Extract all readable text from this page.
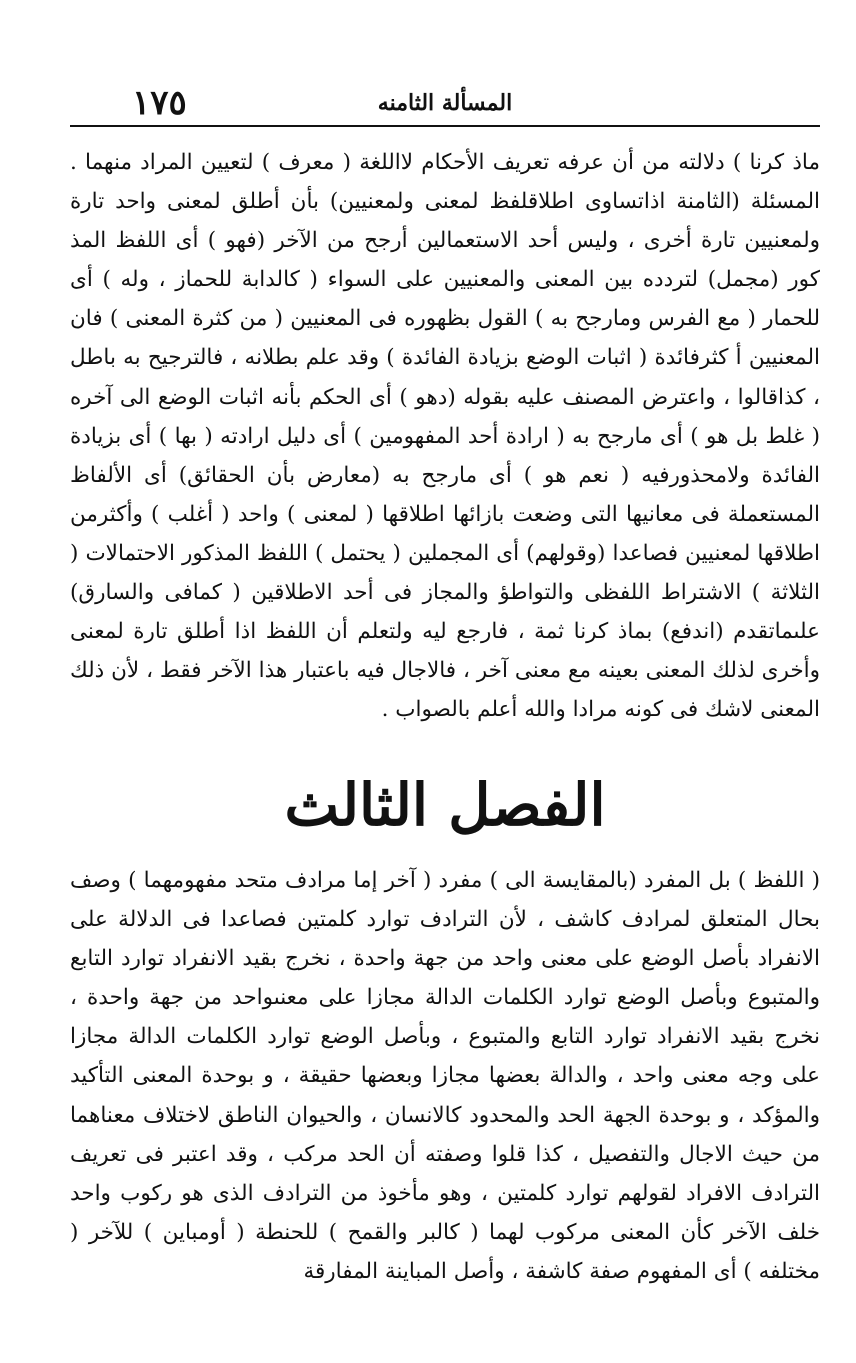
١٧٥	المسألة الثامنه

ماذ كرنا ) دلالته من أن عرفه تعريف الأحكام لااللغة ( معرف ) لتعيين المراد منهما . المسئلة (الثامنة اذاتساوى اطلاقلفظ لمعنى ولمعنيين) بأن أطلق لمعنى واحد تارة ولمعنيين تارة أخرى ، وليس أحد الاستعمالين أرجح من الآخر (فهو ) أى اللفظ المذ كور (مجمل) لتردده بين المعنى والمعنيين على السواء ( كالدابة للحماز ، وله ) أى للحمار ( مع الفرس ومارجح به ) القول بظهوره فى المعنيين ( من كثرة المعنى ) فان المعنيين أ كثرفائدة ( اثبات الوضع بزيادة الفائدة ) وقد علم بطلانه ، فالترجيح به باطل ، كذاقالوا ، واعترض المصنف عليه بقوله (دهو ) أى الحكم بأنه اثبات الوضع الى آخره ( غلط بل هو ) أى مارجح به ( ارادة أحد المفهومين ) أى دليل ارادته ( بها ) أى بزيادة الفائدة ولامحذورفيه ( نعم هو ) أى مارجح به (معارض بأن الحقائق) أى الألفاظ المستعملة فى معانيها التى وضعت بازائها اطلاقها ( لمعنى ) واحد ( أغلب ) وأكثرمن اطلاقها لمعنيين فصاعدا (وقولهم) أى المجملين ( يحتمل ) اللفظ المذكور الاحتمالات ( الثلاثة ) الاشتراط اللفظى والتواطؤ والمجاز فى أحد الاطلاقين ( كمافى والسارق) علىماتقدم (اندفع) بماذ كرنا ثمة ، فارجع ليه ولتعلم أن اللفظ اذا أطلق تارة لمعنى وأخرى لذلك المعنى بعينه مع معنى آخر ، فالاجال فيه باعتبار هذا الآخر فقط ، لأن ذلك المعنى لاشك فى كونه مرادا والله أعلم بالصواب .

الفصل الثالث

( اللفظ ) بل المفرد (بالمقايسة الى ) مفرد ( آخر إما مرادف متحد مفهومهما ) وصف بحال المتعلق لمرادف كاشف ، لأن الترادف توارد كلمتين فصاعدا فى الدلالة على الانفراد بأصل الوضع على معنى واحد من جهة واحدة ، نخرج بقيد الانفراد توارد التابع والمتبوع وبأصل الوضع توارد الكلمات الدالة مجازا على معنىواحد من جهة واحدة ، نخرج بقيد الانفراد توارد التابع والمتبوع ، وبأصل الوضع توارد الكلمات الدالة مجازا على وجه معنى واحد ، والدالة بعضها مجازا وبعضها حقيقة ، و بوحدة المعنى التأكيد والمؤكد ، و بوحدة الجهة الحد والمحدود كالانسان ، والحيوان الناطق لاختلاف معناهما من حيث الاجال والتفصيل ، كذا قلوا وصفته أن الحد مركب ، وقد اعتبر فى تعريف الترادف الافراد لقولهم توارد كلمتين ، وهو مأخوذ من الترادف الذى هو ركوب واحد خلف الآخر كأن المعنى مركوب لهما ( كالبر والقمح ) للحنطة ( أومباين ) للآخر ( مختلفه ) أى المفهوم صفة كاشفة ، وأصل المباينة المفارقة
